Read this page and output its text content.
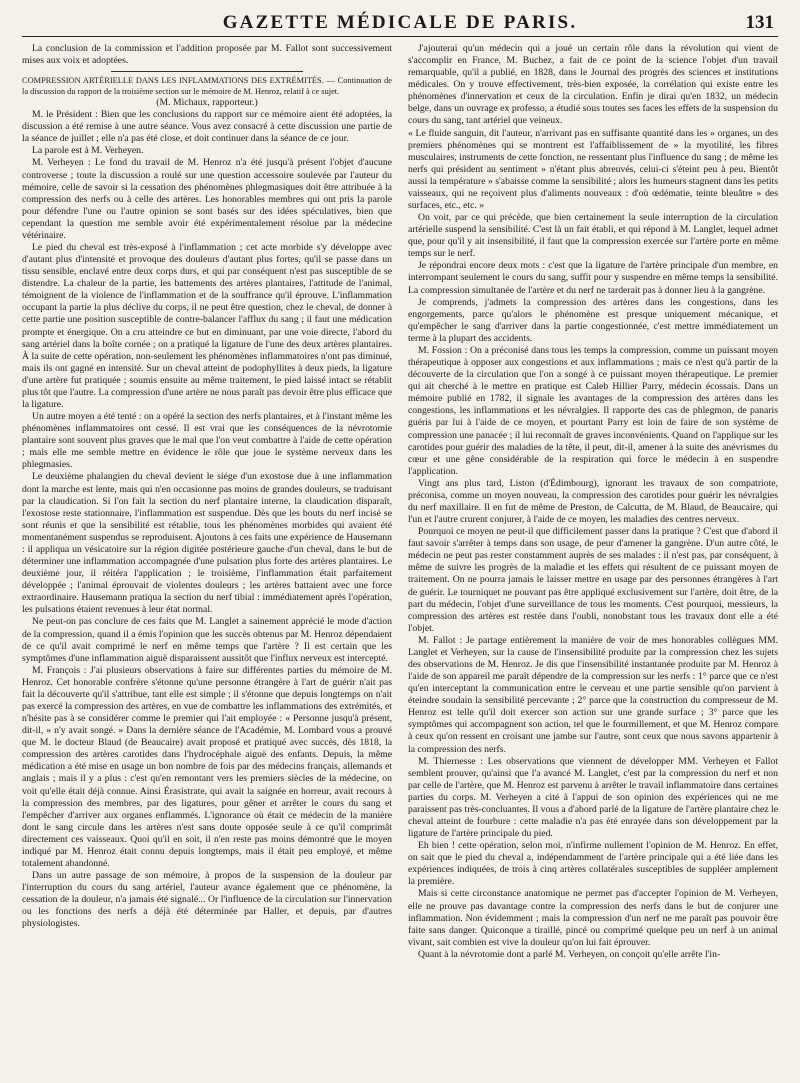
GAZETTE MÉDICALE DE PARIS.	131

La conclusion de la commission et l'addition proposée par M. Fallot sont successivement mises aux voix et adoptées.

COMPRESSION ARTÉRIELLE DANS LES INFLAMMATIONS DES EXTRÉMITÉS. — Continuation de la discussion du rapport de la troisième section sur le mémoire de M. Henroz, relatif à ce sujet.

(M. Michaux, rapporteur.)

M. le Président : Bien que les conclusions du rapport sur ce mémoire aient été adoptées, la discussion a été remise à une autre séance. Vous avez consacré à cette discussion une partie de la séance de juillet ; elle n'a pas été close, et doit continuer dans la séance de ce jour.

La parole est à M. Verheyen.

M. Verheyen : Le fond du travail de M. Henroz n'a été jusqu'à présent l'objet d'aucune controverse ; toute la discussion a roulé sur une question accessoire soulevée par l'auteur du mémoire, celle de savoir si la cessation des phénomènes phlegmasiques doit être attribuée à la compression des nerfs ou à celle des artères. Les honorables membres qui ont pris la parole pour défendre l'une ou l'autre opinion se sont basés sur des idées spéculatives, bien que cependant la question me semble avoir été expérimentalement résolue par la médecine vétérinaire.

Le pied du cheval est très-exposé à l'inflammation ; cet acte morbide s'y développe avec d'autant plus d'intensité et provoque des douleurs d'autant plus fortes, qu'il se passe dans un tissu sensible, enclavé entre deux corps durs, et qui par conséquent n'est pas susceptible de se distendre. La chaleur de la partie, les battements des artères plantaires, l'attitude de l'animal, témoignent de la violence de l'inflammation et de la souffrance qu'il éprouve. L'inflammation occupant la partie la plus déclive du corps, il ne peut être question, chez le cheval, de donner à cette partie une position susceptible de contre-balancer l'afflux du sang ; il faut une médication prompte et énergique. On a cru atteindre ce but en diminuant, par une voie directe, l'abord du sang artériel dans la boîte cornée ; on a pratiqué la ligature de l'une des deux artères plantaires. À la suite de cette opération, non-seulement les phénomènes inflammatoires n'ont pas diminué, mais ils ont gagné en intensité. Sur un cheval atteint de podophyllites à deux pieds, la ligature d'une artère fut pratiquée ; soumis ensuite au même traitement, le pied laissé intact se rétablit plus tôt que l'autre. La compression d'une artère ne nous paraît pas devoir être plus efficace que la ligature.

Un autre moyen a été tenté : on a opéré la section des nerfs plantaires, et à l'instant même les phénomènes inflammatoires ont cessé. Il est vrai que les conséquences de la névrotomie plantaire sont souvent plus graves que le mal que l'on veut combattre à l'aide de cette opération ; mais elle me semble mettre en évidence le rôle que joue le système nerveux dans les phlegmasies.

Le deuxième phalangien du cheval devient le siége d'un exostose due à une inflammation dont la marche est lente, mais qui n'en occasionne pas moins de grandes douleurs, se traduisant par la claudication. Si l'on fait la section du nerf plantaire interne, la claudication disparaît, l'exostose reste stationnaire, l'inflammation est suspendue. Dès que les bouts du nerf incisé se sont réunis et que la sensibilité est rétablie, tous les phénomènes morbides qui avaient été momentanément suspendus se reproduisent. Ajoutons à ces faits une expérience de Hausemann : il appliqua un vésicatoire sur la région digitée postérieure gauche d'un cheval, dans le but de déterminer une inflammation accompagnée d'une pulsation plus forte des artères plantaires. Le deuxième jour, il réitéra l'application ; le troisième, l'inflammation était parfaitement développée ; l'animal éprouvait de violentes douleurs ; les artères battaient avec une force extraordinaire. Hausemann pratiqua la section du nerf tibial : immédiatement après l'opération, les pulsations étaient revenues à leur état normal.

Ne peut-on pas conclure de ces faits que M. Langlet a sainement apprécié le mode d'action de la compression, quand il a émis l'opinion que les succès obtenus par M. Henroz dépendaient de ce qu'il avait comprimé le nerf en même temps que l'artère ? Il est certain que les symptômes d'une inflammation aiguë disparaissent aussitôt que l'influx nerveux est intercepté.

M. François : J'ai plusieurs observations à faire sur différentes parties du mémoire de M. Henroz. Cet honorable confrère s'étonne qu'une personne étrangère à l'art de guérir n'ait pas fait la découverte qu'il s'attribue, tant elle est simple ; il s'étonne que depuis longtemps on n'ait pas exercé la compression des artères, en vue de combattre les inflammations des extrémités, et n'hésite pas à se considérer comme le premier qui l'ait employée : « Personne jusqu'à présent, dit-il, » n'y avait songé. » Dans la dernière séance de l'Académie, M. Lombard vous a prouvé que M. le docteur Blaud (de Beaucaire) avait proposé et pratiqué avec succès, dès 1818, la compression des artères carotides dans l'hydrocéphale aiguë des enfants. Depuis, la même médication a été mise en usage un bon nombre de fois par des médecins français, allemands et anglais ; mais il y a plus : c'est qu'en remontant vers les premiers siècles de la médecine, on voit qu'elle était déjà connue. Ainsi Érasistrate, qui avait la saignée en horreur, avait recours à la compression des membres, par des ligatures, pour gêner et arrêter le cours du sang et l'empêcher d'arriver aux organes enflammés. L'ignorance où était ce médecin de la manière dont le sang circule dans les artères n'est sans doute opposée seule à ce qu'il comprimât directement ces vaisseaux. Quoi qu'il en soit, il n'en reste pas moins démontré que le moyen indiqué par M. Henroz était connu depuis longtemps, mais il était peu employé, et même totalement abandonné.

Dans un autre passage de son mémoire, à propos de la suspension de la douleur par l'interruption du cours du sang artériel, l'auteur avance également que ce phénomène, la cessation de la douleur, n'a jamais été signalé... Or l'influence de la circulation sur l'innervation ou les fonctions des nerfs a déjà été déterminée par Haller, et depuis, par d'autres physiologistes.

J'ajouterai qu'un médecin qui a joué un certain rôle dans la révolution qui vient de s'accomplir en France, M. Buchez, a fait de ce point de la science l'objet d'un travail remarquable, qu'il a publié, en 1828, dans le Journal des progrès des sciences et institutions médicales. On y trouve effectivement, très-bien exposée, la corrélation qui existe entre les phénomènes d'innervation et ceux de la circulation. Enfin je dirai qu'en 1832, un médecin belge, dans un ouvrage ex professo, a étudié sous toutes ses faces les effets de la suspension du cours du sang, tant artériel que veineux.

« Le fluide sanguin, dit l'auteur, n'arrivant pas en suffisante quantité dans les » organes, un des premiers phénomènes qui se montrent est l'affaiblissement de » la myotilité, les fibres musculaires, instruments de cette fonction, ne ressentant plus l'influence du sang ; de même les nerfs qui président au sentiment » n'étant plus abreuvés, celui-ci s'éteint peu à peu. Bientôt aussi la température » s'abaisse comme la sensibilité ; alors les humeurs stagnent dans les petits vaisseaux, qui ne reçoivent plus d'aliments nouveaux : d'où œdématie, teinte bleuâtre » des surfaces, etc., etc. »

On voit, par ce qui précède, que bien certainement la seule interruption de la circulation artérielle suspend la sensibilité. C'est là un fait établi, et qui répond à M. Langlet, lequel admet que, pour qu'il y ait insensibilité, il faut que la compression exercée sur l'artère porte en même temps sur le nerf.

Je répondrai encore deux mots : c'est que la ligature de l'artère principale d'un membre, en interrompant seulement le cours du sang, suffit pour y suspendre en même temps la sensibilité. La compression simultanée de l'artère et du nerf ne tarderait pas à donner lieu à la gangrène.

Je comprends, j'admets la compression des artères dans les congestions, dans les engorgements, parce qu'alors le phénomène est presque uniquement mécanique, et qu'empêcher le sang d'arriver dans la partie congestionnée, c'est mettre immédiatement un terme à la plupart des accidents.

M. Fossion : On a préconisé dans tous les temps la compression, comme un puissant moyen thérapeutique à opposer aux congestions et aux inflammations ; mais ce n'est qu'à partir de la découverte de la circulation que l'on a songé à ce puissant moyen thérapeutique. Le premier qui ait cherché à le mettre en pratique est Caleb Hillier Parry, médecin écossais. Dans un mémoire publié en 1782, il signale les avantages de la compression des artères dans les congestions, les inflammations et les névralgies. Il rapporte des cas de phlegmon, de panaris guéris par lui à l'aide de ce moyen, et pourtant Parry est loin de faire de son système de compression une panacée ; il lui reconnaît de graves inconvénients. Quand on l'applique sur les carotides pour guérir des maladies de la tête, il peut, dit-il, amener à la suite des anévrismes du cœur et une gêne considérable de la respiration qui force le médecin à en suspendre l'application.

Vingt ans plus tard, Liston (d'Édimbourg), ignorant les travaux de son compatriote, préconisa, comme un moyen nouveau, la compression des carotides pour guérir les névralgies du nerf maxillaire. Il en fut de même de Preston, de Calcutta, de M. Blaud, de Beaucaire, qui l'un et l'autre crurent conjurer, à l'aide de ce moyen, les maladies des centres nerveux.

Pourquoi ce moyen ne peut-il que difficilement passer dans la pratique ? C'est que d'abord il faut savoir s'arrêter à temps dans son usage, de peur d'amener la gangrène. D'un autre côté, le médecin ne peut pas rester constamment auprès de ses malades : il n'est pas, par conséquent, à même de suivre les progrès de la maladie et les effets qui résultent de ce puissant moyen de traitement. On ne pourra jamais le laisser mettre en usage par des personnes étrangères à l'art de guérir. Le tourniquet ne pouvant pas être appliqué exclusivement sur l'artère, doit être, de la part du médecin, l'objet d'une surveillance de tous les moments. C'est pourquoi, messieurs, la compression des artères est restée dans l'oubli, nonobstant tous les travaux dont elle a été l'objet.

M. Fallot : Je partage entièrement la manière de voir de mes honorables collègues MM. Langlet et Verheyen, sur la cause de l'insensibilité produite par la compression chez les sujets des observations de M. Henroz. Je dis que l'insensibilité instantanée produite par M. Henroz à l'aide de son appareil me paraît dépendre de la compression sur les nerfs : 1° parce que ce n'est qu'en interceptant la communication entre le cerveau et une partie sensible qu'on parvient à éteindre soudain la sensibilité percevante ; 2° parce que la construction du compresseur de M. Henroz est telle qu'il doit exercer son action sur une grande surface ; 3° parce que les symptômes qui accompagnent son action, tel que le fourmillement, et que M. Henroz compare à ceux qu'on ressent en croisant une jambe sur l'autre, sont ceux que nous savons appartenir à la compression des nerfs.

M. Thiernesse : Les observations que viennent de développer MM. Verheyen et Fallot semblent prouver, qu'ainsi que l'a avancé M. Langlet, c'est par la compression du nerf et non par celle de l'artère, que M. Henroz est parvenu à arrêter le travail inflammatoire dans certaines parties du corps. M. Verheyen a cité à l'appui de son opinion des expériences qui ne me paraissent pas très-concluantes. Il vous a d'abord parlé de la ligature de l'artère plantaire chez le cheval atteint de fourbure : cette maladie n'a pas été enrayée dans son développement par la ligature de l'artère principale du pied.

Eh bien ! cette opération, selon moi, n'infirme nullement l'opinion de M. Henroz. En effet, on sait que le pied du cheval a, indépendamment de l'artère principale qui a été liée dans les expériences indiquées, de trois à cinq artères collatérales susceptibles de suppléer amplement la première.

Mais si cette circonstance anatomique ne permet pas d'accepter l'opinion de M. Verheyen, elle ne prouve pas davantage contre la compression des nerfs dans le but de conjurer une inflammation. Non évidemment ; mais la compression d'un nerf ne me paraît pas pouvoir être faite sans danger. Quiconque a tiraillé, pincé ou comprimé quelque peu un nerf à un animal vivant, sait combien est vive la douleur qu'on lui fait éprouver.

Quant à la névrotomie dont a parlé M. Verheyen, on conçoit qu'elle arrête l'in-
